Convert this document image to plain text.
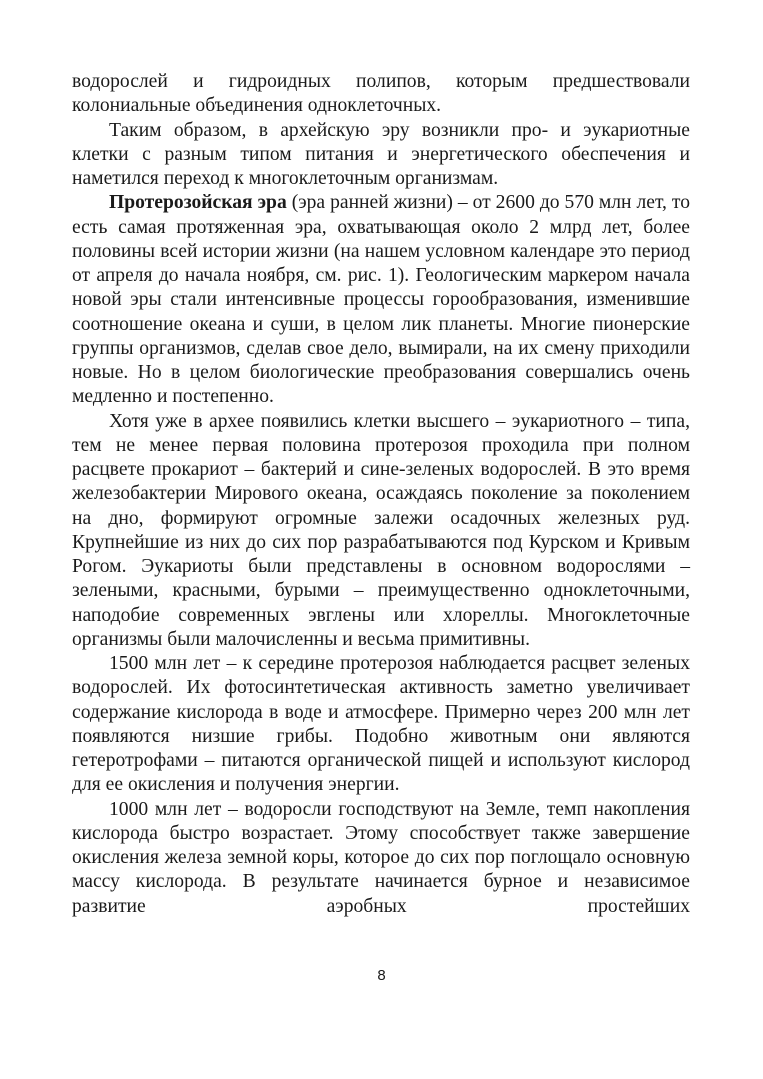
водорослей и гидроидных полипов, которым предшествовали колониальные объединения одноклеточных.

Таким образом, в архейскую эру возникли про- и эукариотные клетки с разным типом питания и энергетического обеспечения и наметился переход к многоклеточным организмам.

Протерозойская эра (эра ранней жизни) – от 2600 до 570 млн лет, то есть самая протяженная эра, охватывающая около 2 млрд лет, более половины всей истории жизни (на нашем условном календаре это период от апреля до начала ноября, см. рис. 1). Геологическим маркером начала новой эры стали интенсивные процессы горообразования, изменившие соотношение океана и суши, в целом лик планеты. Многие пионерские группы организмов, сделав свое дело, вымирали, на их смену приходили новые. Но в целом биологические преобразования совершались очень медленно и постепенно.

Хотя уже в архее появились клетки высшего – эукариотного – типа, тем не менее первая половина протерозоя проходила при полном расцвете прокариот – бактерий и сине-зеленых водорослей. В это время железобактерии Мирового океана, осаждаясь поколение за поколением на дно, формируют огромные залежи осадочных железных руд. Крупнейшие из них до сих пор разрабатываются под Курском и Кривым Рогом. Эукариоты были представлены в основном водорослями – зелеными, красными, бурыми – преимущественно одноклеточными, наподобие современных эвглены или хлореллы. Многоклеточные организмы были малочисленны и весьма примитивны.

1500 млн лет – к середине протерозоя наблюдается расцвет зеленых водорослей. Их фотосинтетическая активность заметно увеличивает содержание кислорода в воде и атмосфере. Примерно через 200 млн лет появляются низшие грибы. Подобно животным они являются гетеротрофами – питаются органической пищей и используют кислород для ее окисления и получения энергии.

1000 млн лет – водоросли господствуют на Земле, темп накопления кислорода быстро возрастает. Этому способствует также завершение окисления железа земной коры, которое до сих пор поглощало основную массу кислорода. В результате начинается бурное и независимое развитие аэробных простейших

8
